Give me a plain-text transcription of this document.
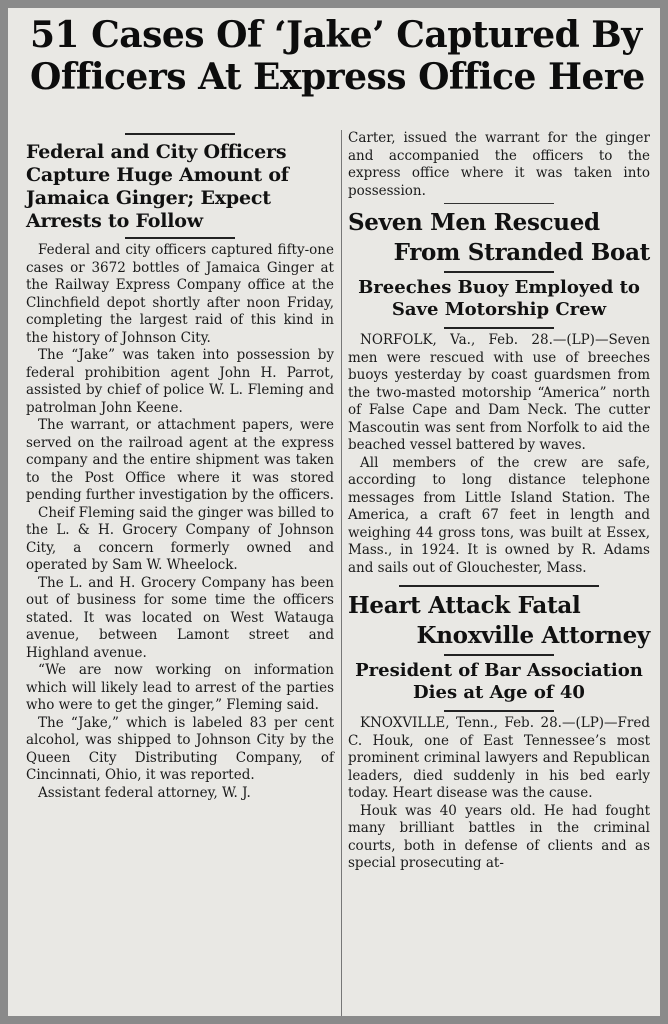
51 Cases Of ‘Jake’ Captured By
Officers At Express Office Here
Federal and City Officers Capture Huge Amount of Jamaica Ginger; Expect Arrests to Follow

Federal and city officers captured fifty-one cases or 3672 bottles of Jamaica Ginger at the Railway Express Company office at the Clinchfield depot shortly after noon Friday, completing the largest raid of this kind in the history of Johnson City.

The “Jake” was taken into possession by federal prohibition agent John H. Parrot, assisted by chief of police W. L. Fleming and patrolman John Keene.

The warrant, or attachment papers, were served on the railroad agent at the express company and the entire shipment was taken to the Post Office where it was stored pending further investigation by the officers.

Cheif Fleming said the ginger was billed to the L. & H. Grocery Company of Johnson City, a concern formerly owned and operated by Sam W. Wheelock.

The L. and H. Grocery Company has been out of business for some time the officers stated. It was located on West Watauga avenue, between Lamont street and Highland avenue.

“We are now working on information which will likely lead to arrest of the parties who were to get the ginger,” Fleming said.

The “Jake,” which is labeled 83 per cent alcohol, was shipped to Johnson City by the Queen City Distributing Company, of Cincinnati, Ohio, it was reported.

Assistant federal attorney, W. J.

Carter, issued the warrant for the ginger and accompanied the officers to the express office where it was taken into possession.

Seven Men Rescued
From Stranded Boat
Breeches Buoy Employed to Save Motorship Crew

NORFOLK, Va., Feb. 28.—(LP)—Seven men were rescued with use of breeches buoys yesterday by coast guardsmen from the two-masted motorship “America” north of False Cape and Dam Neck. The cutter Mascoutin was sent from Norfolk to aid the beached vessel battered by waves.

All members of the crew are safe, according to long distance telephone messages from Little Island Station. The America, a craft 67 feet in length and weighing 44 gross tons, was built at Essex, Mass., in 1924. It is owned by R. Adams and sails out of Glouchester, Mass.

Heart Attack Fatal
Knoxville Attorney
President of Bar Association Dies at Age of 40

KNOXVILLE, Tenn., Feb. 28.—(LP)—Fred C. Houk, one of East Tennessee’s most prominent criminal lawyers and Republican leaders, died suddenly in his bed early today. Heart disease was the cause.

Houk was 40 years old. He had fought many brilliant battles in the criminal courts, both in defense of clients and as special prosecuting at-
